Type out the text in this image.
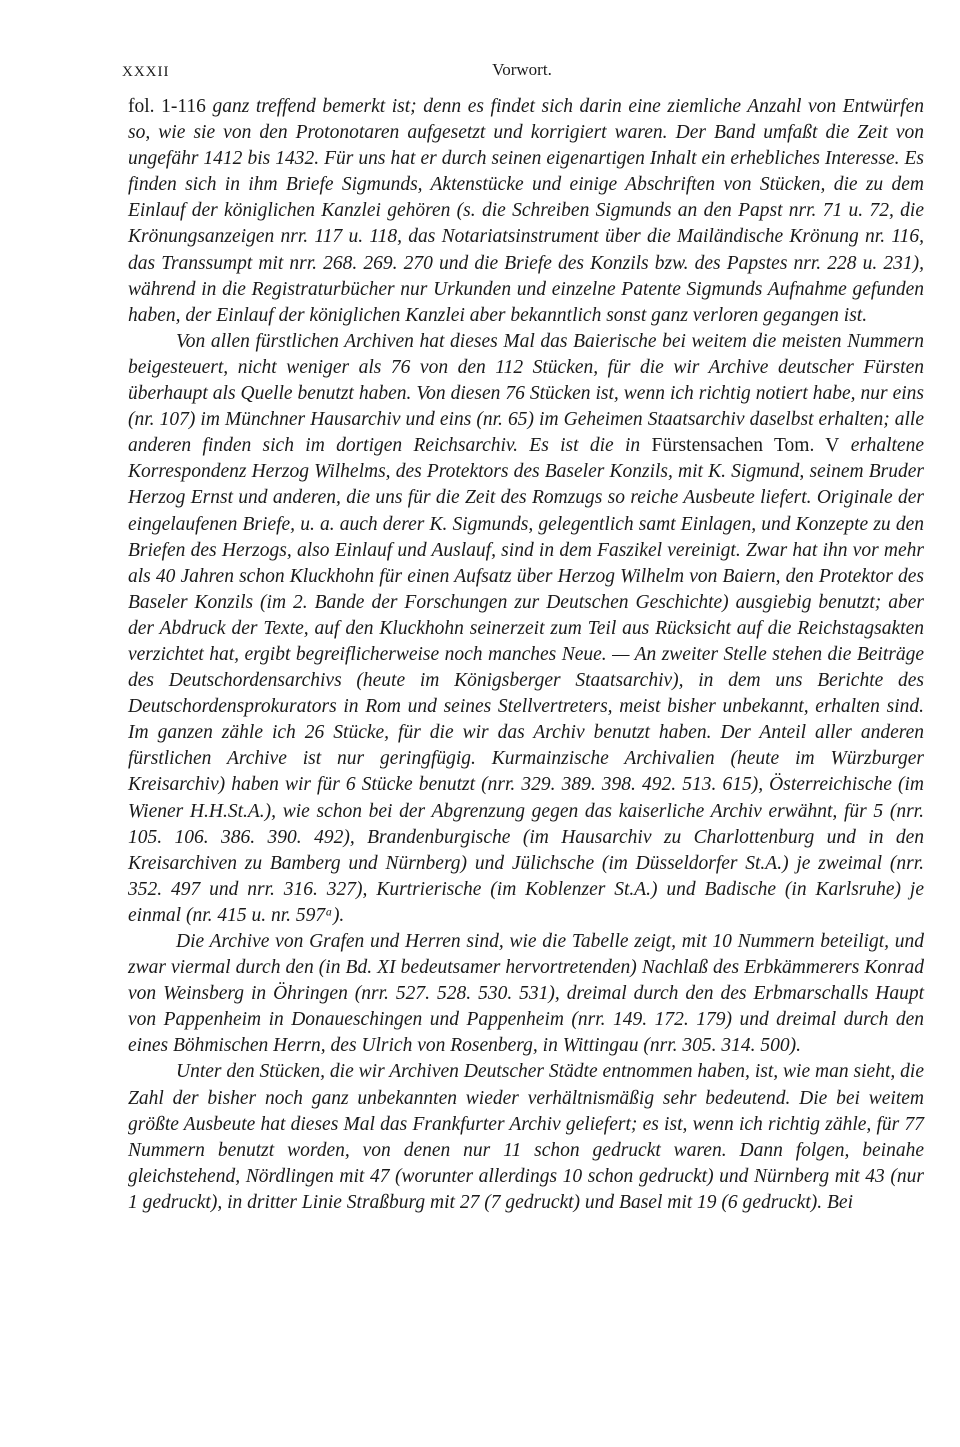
XXXII	Vorwort.

fol. 1-116 ganz treffend bemerkt ist; denn es findet sich darin eine ziemliche Anzahl von Entwürfen so, wie sie von den Protonotaren aufgesetzt und korrigiert waren. Der Band umfaßt die Zeit von ungefähr 1412 bis 1432. Für uns hat er durch seinen eigenartigen Inhalt ein erhebliches Interesse. Es finden sich in ihm Briefe Sigmunds, Aktenstücke und einige Abschriften von Stücken, die zu dem Einlauf der königlichen Kanzlei gehören (s. die Schreiben Sigmunds an den Papst nrr. 71 u. 72, die Krönungsanzeigen nrr. 117 u. 118, das Notariatsinstrument über die Mailändische Krönung nr. 116, das Transsumpt mit nrr. 268. 269. 270 und die Briefe des Konzils bzw. des Papstes nrr. 228 u. 231), während in die Registraturbücher nur Urkunden und einzelne Patente Sigmunds Aufnahme gefunden haben, der Einlauf der königlichen Kanzlei aber bekanntlich sonst ganz verloren gegangen ist.

Von allen fürstlichen Archiven hat dieses Mal das Baierische bei weitem die meisten Nummern beigesteuert, nicht weniger als 76 von den 112 Stücken, für die wir Archive deutscher Fürsten überhaupt als Quelle benutzt haben. Von diesen 76 Stücken ist, wenn ich richtig notiert habe, nur eins (nr. 107) im Münchner Hausarchiv und eins (nr. 65) im Geheimen Staatsarchiv daselbst erhalten; alle anderen finden sich im dortigen Reichsarchiv. Es ist die in Fürstensachen Tom. V erhaltene Korrespondenz Herzog Wilhelms, des Protektors des Baseler Konzils, mit K. Sigmund, seinem Bruder Herzog Ernst und anderen, die uns für die Zeit des Romzugs so reiche Ausbeute liefert. Originale der eingelaufenen Briefe, u. a. auch derer K. Sigmunds, gelegentlich samt Einlagen, und Konzepte zu den Briefen des Herzogs, also Einlauf und Auslauf, sind in dem Faszikel vereinigt. Zwar hat ihn vor mehr als 40 Jahren schon Kluckhohn für einen Aufsatz über Herzog Wilhelm von Baiern, den Protektor des Baseler Konzils (im 2. Bande der Forschungen zur Deutschen Geschichte) ausgiebig benutzt; aber der Abdruck der Texte, auf den Kluckhohn seinerzeit zum Teil aus Rücksicht auf die Reichstagsakten verzichtet hat, ergibt begreiflicherweise noch manches Neue. — An zweiter Stelle stehen die Beiträge des Deutschordensarchivs (heute im Königsberger Staatsarchiv), in dem uns Berichte des Deutschordensprokurators in Rom und seines Stellvertreters, meist bisher unbekannt, erhalten sind. Im ganzen zähle ich 26 Stücke, für die wir das Archiv benutzt haben. Der Anteil aller anderen fürstlichen Archive ist nur geringfügig. Kurmainzische Archivalien (heute im Würzburger Kreisarchiv) haben wir für 6 Stücke benutzt (nrr. 329. 389. 398. 492. 513. 615), Österreichische (im Wiener H.H.St.A.), wie schon bei der Abgrenzung gegen das kaiserliche Archiv erwähnt, für 5 (nrr. 105. 106. 386. 390. 492), Brandenburgische (im Hausarchiv zu Charlottenburg und in den Kreisarchiven zu Bamberg und Nürnberg) und Jülichsche (im Düsseldorfer St.A.) je zweimal (nrr. 352. 497 und nrr. 316. 327), Kurtrierische (im Koblenzer St.A.) und Badische (in Karlsruhe) je einmal (nr. 415 u. nr. 597ᵃ).

Die Archive von Grafen und Herren sind, wie die Tabelle zeigt, mit 10 Nummern beteiligt, und zwar viermal durch den (in Bd. XI bedeutsamer hervortretenden) Nachlaß des Erbkämmerers Konrad von Weinsberg in Öhringen (nrr. 527. 528. 530. 531), dreimal durch den des Erbmarschalls Haupt von Pappenheim in Donaueschingen und Pappenheim (nrr. 149. 172. 179) und dreimal durch den eines Böhmischen Herrn, des Ulrich von Rosenberg, in Wittingau (nrr. 305. 314. 500).

Unter den Stücken, die wir Archiven Deutscher Städte entnommen haben, ist, wie man sieht, die Zahl der bisher noch ganz unbekannten wieder verhältnismäßig sehr bedeutend. Die bei weitem größte Ausbeute hat dieses Mal das Frankfurter Archiv geliefert; es ist, wenn ich richtig zähle, für 77 Nummern benutzt worden, von denen nur 11 schon gedruckt waren. Dann folgen, beinahe gleichstehend, Nördlingen mit 47 (worunter allerdings 10 schon gedruckt) und Nürnberg mit 43 (nur 1 gedruckt), in dritter Linie Straßburg mit 27 (7 gedruckt) und Basel mit 19 (6 gedruckt). Bei
